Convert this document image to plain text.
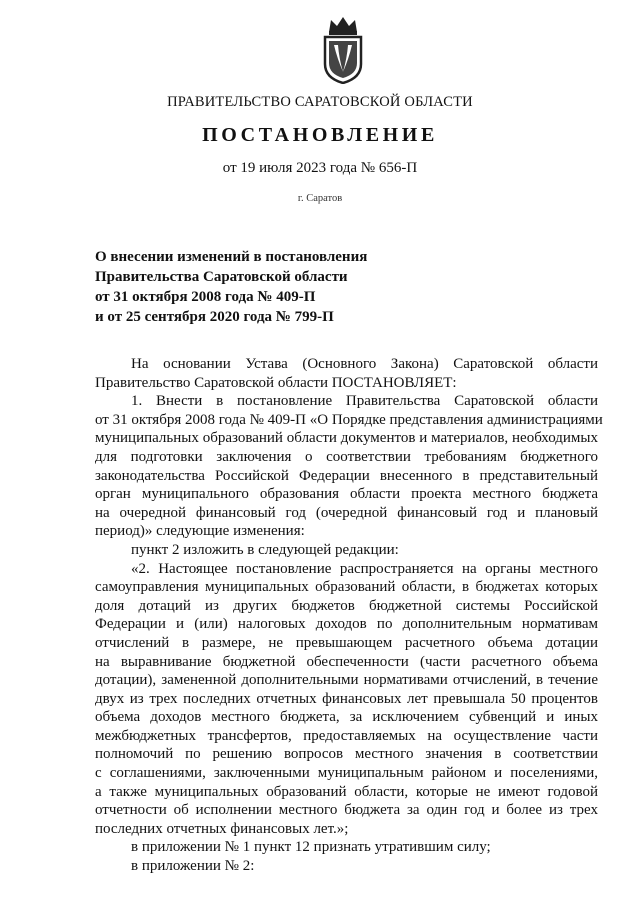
ПРАВИТЕЛЬСТВО САРАТОВСКОЙ ОБЛАСТИ
ПОСТАНОВЛЕНИЕ
от 19 июля 2023 года № 656-П
г. Саратов
О внесении изменений в постановления
Правительства Саратовской области
от 31 октября 2008 года № 409-П
и от 25 сентября 2020 года № 799-П
На основании Устава (Основного Закона) Саратовской области
Правительство Саратовской области ПОСТАНОВЛЯЕТ:
1. Внести в постановление Правительства Саратовской области
от 31 октября 2008 года № 409-П «О Порядке представления администрациями
муниципальных образований области документов и материалов, необходимых
для подготовки заключения о соответствии требованиям бюджетного
законодательства Российской Федерации внесенного в представительный
орган муниципального образования области проекта местного бюджета
на очередной финансовый год (очередной финансовый год и плановый
период)» следующие изменения:
пункт 2 изложить в следующей редакции:
«2. Настоящее постановление распространяется на органы местного
самоуправления муниципальных образований области, в бюджетах которых
доля дотаций из других бюджетов бюджетной системы Российской
Федерации и (или) налоговых доходов по дополнительным нормативам
отчислений в размере, не превышающем расчетного объема дотации
на выравнивание бюджетной обеспеченности (части расчетного объема
дотации), замененной дополнительными нормативами отчислений, в течение
двух из трех последних отчетных финансовых лет превышала 50 процентов
объема доходов местного бюджета, за исключением субвенций и иных
межбюджетных трансфертов, предоставляемых на осуществление части
полномочий по решению вопросов местного значения в соответствии
с соглашениями, заключенными муниципальным районом и поселениями,
а также муниципальных образований области, которые не имеют годовой
отчетности об исполнении местного бюджета за один год и более из трех
последних отчетных финансовых лет.»;
в приложении № 1 пункт 12 признать утратившим силу;
в приложении № 2:
